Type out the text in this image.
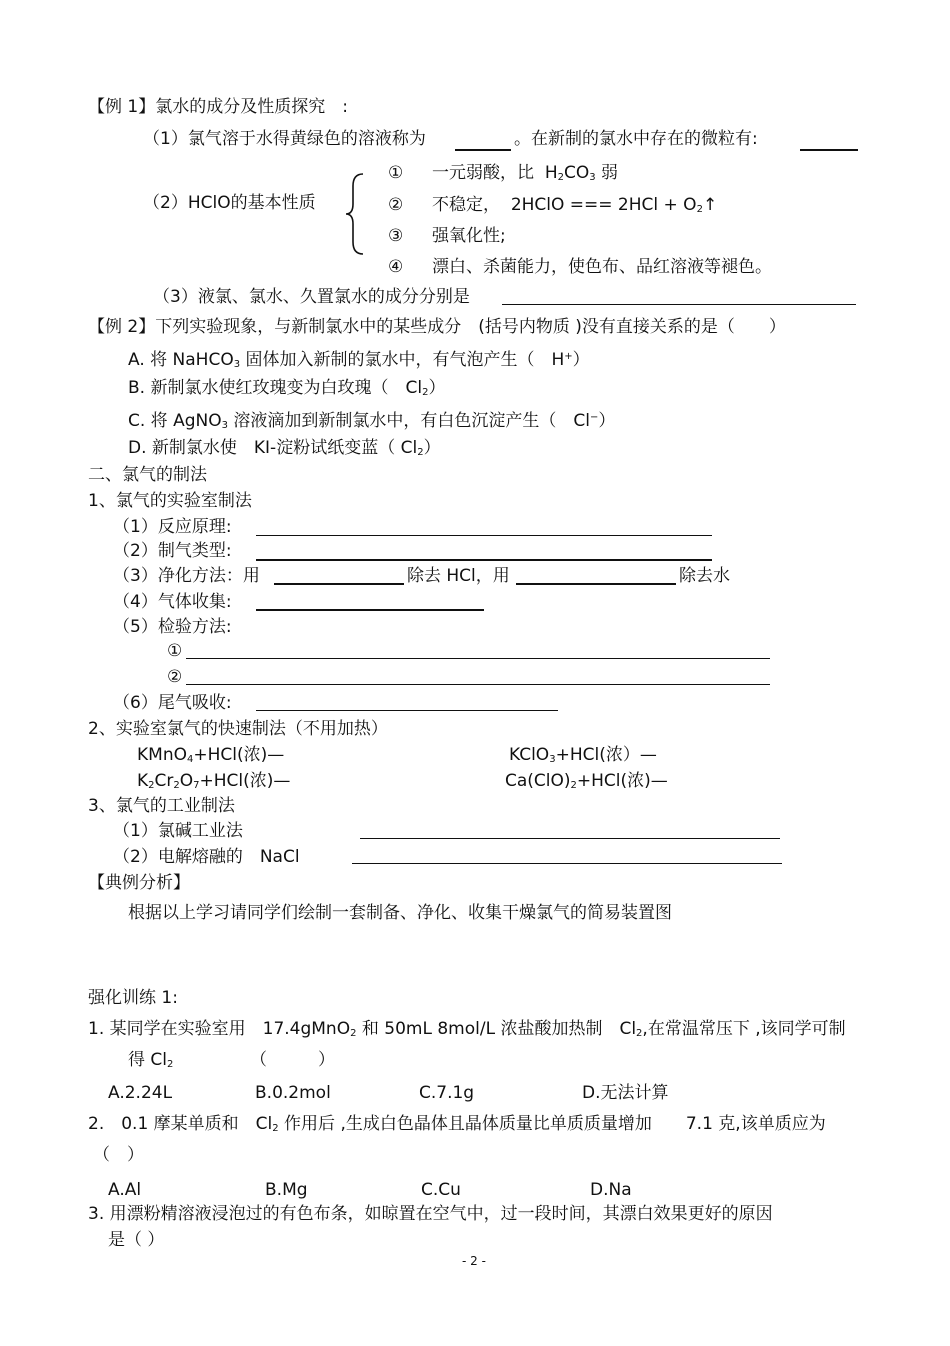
【例 1】氯水的成分及性质探究　:
（1）氯气溶于水得黄绿色的溶液称为	。在新制的氯水中存在的微粒有:
（2）HClO的基本性质
① 一元弱酸，比 $H_2CO_3$ 弱
② 不稳定， 2HClO === $2HCl + O_2↑$
③ 强氧化性;
④ 漂白、杀菌能力，使色布、品红溶液等褪色。
（3）液氯、氯水、久置氯水的成分分别是
【例 2】下列实验现象，与新制氯水中的某些成分　(括号内物质 )没有直接关系的是（　　）
A. 将 NaHCO$_3$ 固体加入新制的氯水中，有气泡产生（　H+）
B. 新制氯水使红玫瑰变为白玫瑰（　$Cl_2$）
C. 将 AgNO$_3$ 溶液滴加到新制氯水中，有白色沉淀产生（　Cl−）
D. 新制氯水使　KI-淀粉试纸变蓝（ $Cl_2$）
二、氯气的制法
1、氯气的实验室制法
（1）反应原理:
（2）制气类型:
（3）净化方法：用	除去 HCl，用	除去水
（4）气体收集:
（5）检验方法:
①
②
（6）尾气吸收:
2、实验室氯气的快速制法（不用加热）
KMnO$_4$+HCl(浓)—	KClO$_3$+HCl(浓）—
$K_2Cr_2O_7+HCl$(浓)—	$Ca(ClO)_2+HCl$(浓)—
3、氯气的工业制法
（1）氯碱工业法
（2）电解熔融的　NaCl
【典例分析】
根据以上学习请同学们绘制一套制备、净化、收集干燥氯气的简易装置图
强化训练 1:
1. 某同学在实验室用　17.4gMnO$_2$ 和 50mL 8mol/L 浓盐酸加热制　$Cl_2$,在常温常压下 ,该同学可制
得 $Cl_2$	（　　　）
A.2.24L	B.0.2mol	C.7.1g	D.无法计算
2.　0.1 摩某单质和　$Cl_2$ 作用后 ,生成白色晶体且晶体质量比单质质量增加　　7.1 克,该单质应为
（　）
A.Al	B.Mg	C.Cu	D.Na
3. 用漂粉精溶液浸泡过的有色布条，如晾置在空气中，过一段时间，其漂白效果更好的原因
是（ ）
- 2 -
